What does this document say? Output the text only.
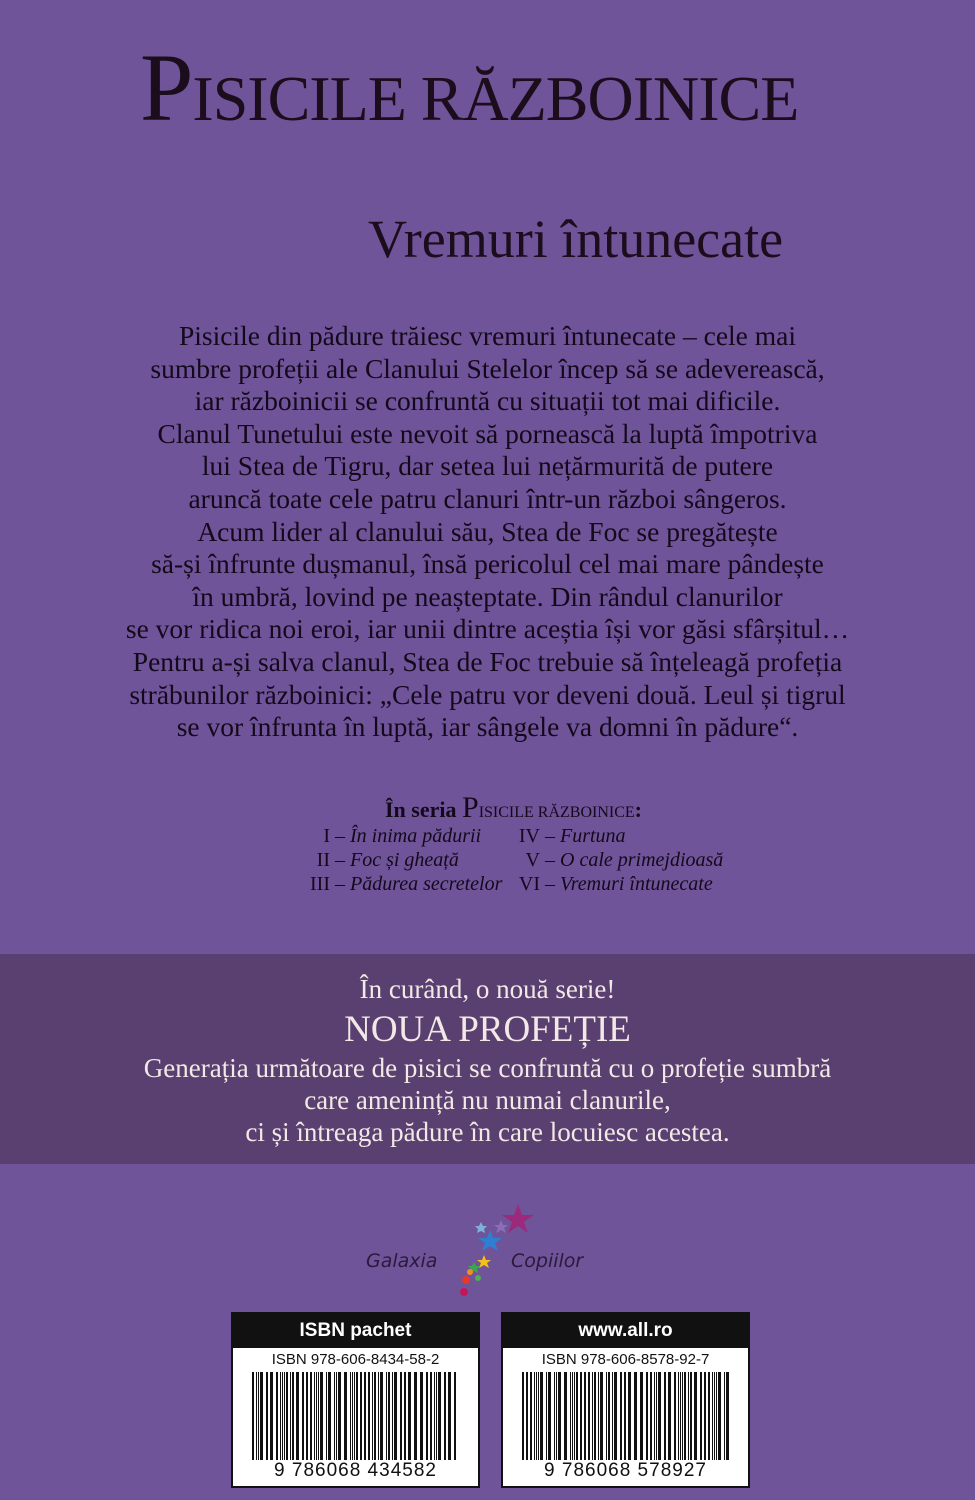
PISICILE RĂZBOINICE
Vremuri întunecate

Pisicile din pădure trăiesc vremuri întunecate – cele mai

sumbre profeții ale Clanului Stelelor încep să se adeverească,

iar războinicii se confruntă cu situații tot mai dificile.

Clanul Tunetului este nevoit să pornească la luptă împotriva

lui Stea de Tigru, dar setea lui nețărmurită de putere

aruncă toate cele patru clanuri într-un război sângeros.

Acum lider al clanului său, Stea de Foc se pregătește

să-și înfrunte dușmanul, însă pericolul cel mai mare pândește

în umbră, lovind pe neașteptate. Din rândul clanurilor

se vor ridica noi eroi, iar unii dintre aceștia își vor găsi sfârșitul…

Pentru a-și salva clanul, Stea de Foc trebuie să înțeleagă profeția

străbunilor războinici: „Cele patru vor deveni două. Leul și tigrul

se vor înfrunta în luptă, iar sângele va domni în pădure“.

În seria PISICILE RĂZBOINICE:
I – În inima pădurii
II – Foc și gheață
III – Pădurea secretelor
IV – Furtuna
V – O cale primejdioasă
VI – Vremuri întunecate
În curând, o nouă serie!
NOUA PROFEȚIE

Generația următoare de pisici se confruntă cu o profeție sumbră

care amenință nu numai clanurile,

ci și întreaga pădure în care locuiesc acestea.

Galaxia	Copiilor
ISBN pachet
ISBN 978-606-8434-58-2
9 786068 434582
www.all.ro
ISBN 978-606-8578-92-7
9 786068 578927
